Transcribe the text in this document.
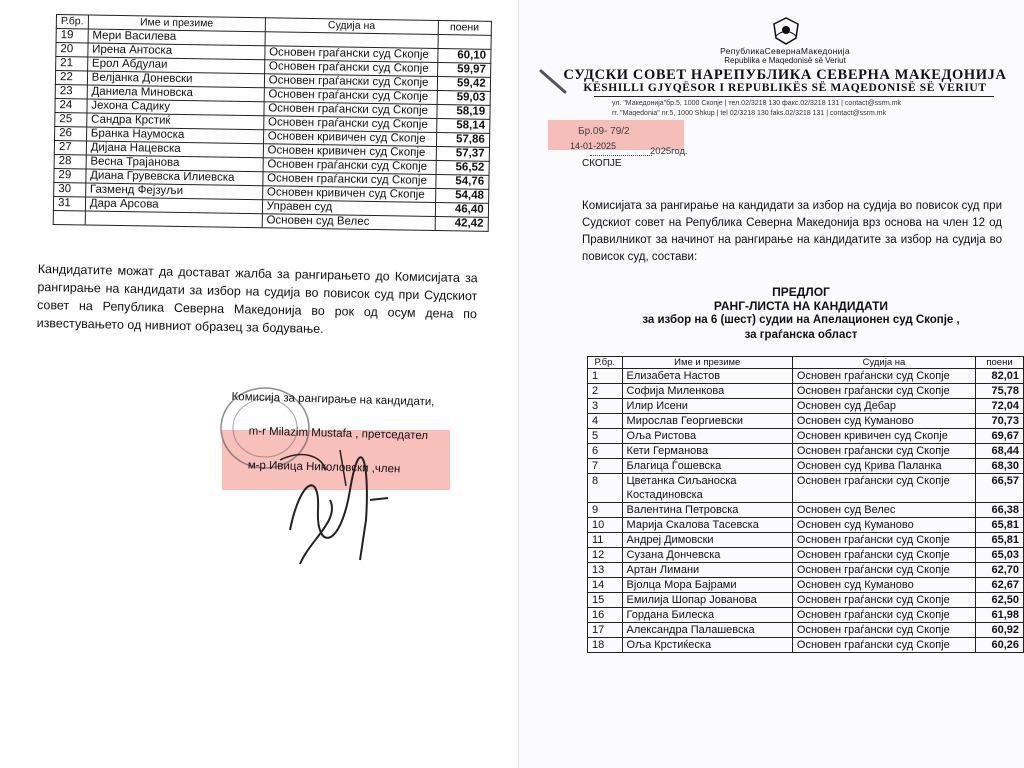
Р.бр.	Име и презиме	Судија на	поени
19	Мери Василева		
20	Ирена Антоска	Основен граѓански суд Скопје	60,10
21	Ерол Абдулаи	Основен граѓански суд Скопје	59,97
22	Велјанка Доневски	Основен граѓански суд Скопје	59,42
23	Даниела Миновска	Основен граѓански суд Скопје	59,03
24	Јехона Садику	Основен граѓански суд Скопје	58,19
25	Сандра Крстиќ	Основен граѓански суд Скопје	58,14
26	Бранка Наумоска	Основен кривичен суд Скопје	57,86
27	Дијана Нацевска	Основен кривичен суд Скопје	57,37
28	Весна Трајанова	Основен граѓански суд Скопје	56,52
29	Диана Грувевска Илиевска	Основен граѓански суд Скопје	54,76
30	Газменд Фејзуљи	Основен кривичен суд Скопје	54,48
31	Дара Арсова	Управен суд	46,40
		Основен суд Велес	42,42
Кандидатите можат да достават жалба за рангирањето до Комисијата за рангирање на кандидати за избор на судија во повисок суд при Судскиот совет на Република Северна Македонија во рок од осум дена по известувањето од нивниот образец за бодување.
Комисија за рангирање на кандидати,
m-r Milazim Mustafa , претседател
м-р Ивица Николовски ,член
РепубликаСевернаМакедонија
Republika e Maqedonisë së Veriut
СУДСКИ СОВЕТ НАРЕПУБЛИКА СЕВЕРНА МАКЕДОНИЈА
KËSHILLI GJYQËSOR I REPUBLIKËS SË MAQEDONISË SË VERIUT
ул. "Македонија"бр.5, 1000 Скопје | тел.02/3218 130 факс.02/3218 131 | contact@ssrm.mk
rr. "Maqedonia" nr.5, 1000 Shkup | tel 02/3218 130 faks.02/3218 131 | contact@ssrm.mk
Бр.09- 79/2
14-01-2025	2025год.
СКОПЈЕ
Комисијата за рангирање на кандидати за избор на судија во повисок суд при Судскиот совет на Република Северна Македонија врз основа на член 12 од Правилникот за начинот на рангирање на кандидатите за избор на судија во повисок суд, состави:
ПРЕДЛОГ
РАНГ-ЛИСТА НА КАНДИДАТИ
за избор на 6 (шест) судии на Апелационен суд Скопје ,
за граѓанска област
Р.бр.	Име и презиме	Судија на	поени
1	Елизабета Настов	Основен граѓански суд Скопје	82,01
2	Софија Миленкова	Основен граѓански суд Скопје	75,78
3	Илир Исени	Основен суд Дебар	72,04
4	Мирослав Георгиевски	Основен суд Куманово	70,73
5	Оља Ристова	Основен кривичен суд Скопје	69,67
6	Кети Германова	Основен граѓански суд Скопје	68,44
7	Благица Ѓошевска	Основен суд Крива Паланка	68,30
8	Цветанка Сиљаноска Костадиновска	Основен граѓански суд Скопје	66,57
9	Валентина Петровска	Основен суд Велес	66,38
10	Марија Скалова Тасевска	Основен суд Куманово	65,81
11	Андреј Димовски	Основен граѓански суд Скопје	65,81
12	Сузана Дончевска	Основен граѓански суд Скопје	65,03
13	Артан Лимани	Основен граѓански суд Скопје	62,70
14	Вјолца Мора Бајрами	Основен суд Куманово	62,67
15	Емилија Шопар Јованова	Основен граѓански суд Скопје	62,50
16	Гордана Билеска	Основен граѓански суд Скопје	61,98
17	Александра Палашевска	Основен граѓански суд Скопје	60,92
18	Оља Крстиќеска	Основен граѓански суд Скопје	60,26
